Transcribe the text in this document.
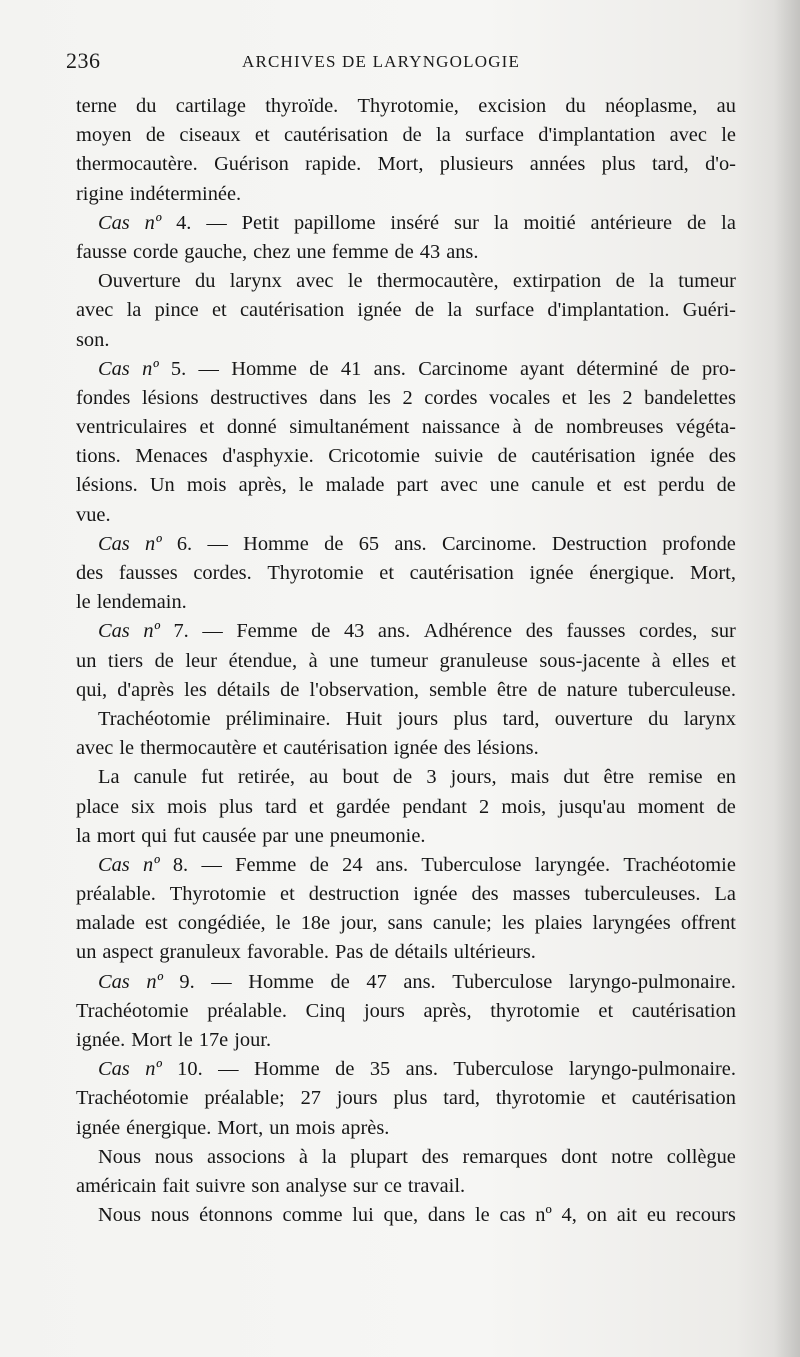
236	ARCHIVES DE LARYNGOLOGIE
terne du cartilage thyroïde. Thyrotomie, excision du néoplasme, au
moyen de ciseaux et cautérisation de la surface d'implantation avec le
thermocautère. Guérison rapide. Mort, plusieurs années plus tard, d'o-
rigine indéterminée.
Cas nº 4. — Petit papillome inséré sur la moitié antérieure de la
fausse corde gauche, chez une femme de 43 ans.
Ouverture du larynx avec le thermocautère, extirpation de la tumeur
avec la pince et cautérisation ignée de la surface d'implantation. Guéri-
son.
Cas nº 5. — Homme de 41 ans. Carcinome ayant déterminé de pro-
fondes lésions destructives dans les 2 cordes vocales et les 2 bandelettes
ventriculaires et donné simultanément naissance à de nombreuses végéta-
tions. Menaces d'asphyxie. Cricotomie suivie de cautérisation ignée des
lésions. Un mois après, le malade part avec une canule et est perdu de
vue.
Cas nº 6. — Homme de 65 ans. Carcinome. Destruction profonde
des fausses cordes. Thyrotomie et cautérisation ignée énergique. Mort,
le lendemain.
Cas nº 7. — Femme de 43 ans. Adhérence des fausses cordes, sur
un tiers de leur étendue, à une tumeur granuleuse sous-jacente à elles et
qui, d'après les détails de l'observation, semble être de nature tuberculeuse.
Trachéotomie préliminaire. Huit jours plus tard, ouverture du larynx
avec le thermocautère et cautérisation ignée des lésions.
La canule fut retirée, au bout de 3 jours, mais dut être remise en
place six mois plus tard et gardée pendant 2 mois, jusqu'au moment de
la mort qui fut causée par une pneumonie.
Cas nº 8. — Femme de 24 ans. Tuberculose laryngée. Trachéotomie
préalable. Thyrotomie et destruction ignée des masses tuberculeuses. La
malade est congédiée, le 18e jour, sans canule; les plaies laryngées offrent
un aspect granuleux favorable. Pas de détails ultérieurs.
Cas nº 9. — Homme de 47 ans. Tuberculose laryngo-pulmonaire.
Trachéotomie préalable. Cinq jours après, thyrotomie et cautérisation
ignée. Mort le 17e jour.
Cas nº 10. — Homme de 35 ans. Tuberculose laryngo-pulmonaire.
Trachéotomie préalable; 27 jours plus tard, thyrotomie et cautérisation
ignée énergique. Mort, un mois après.
Nous nous associons à la plupart des remarques dont notre collègue
américain fait suivre son analyse sur ce travail.
Nous nous étonnons comme lui que, dans le cas nº 4, on ait eu recours
